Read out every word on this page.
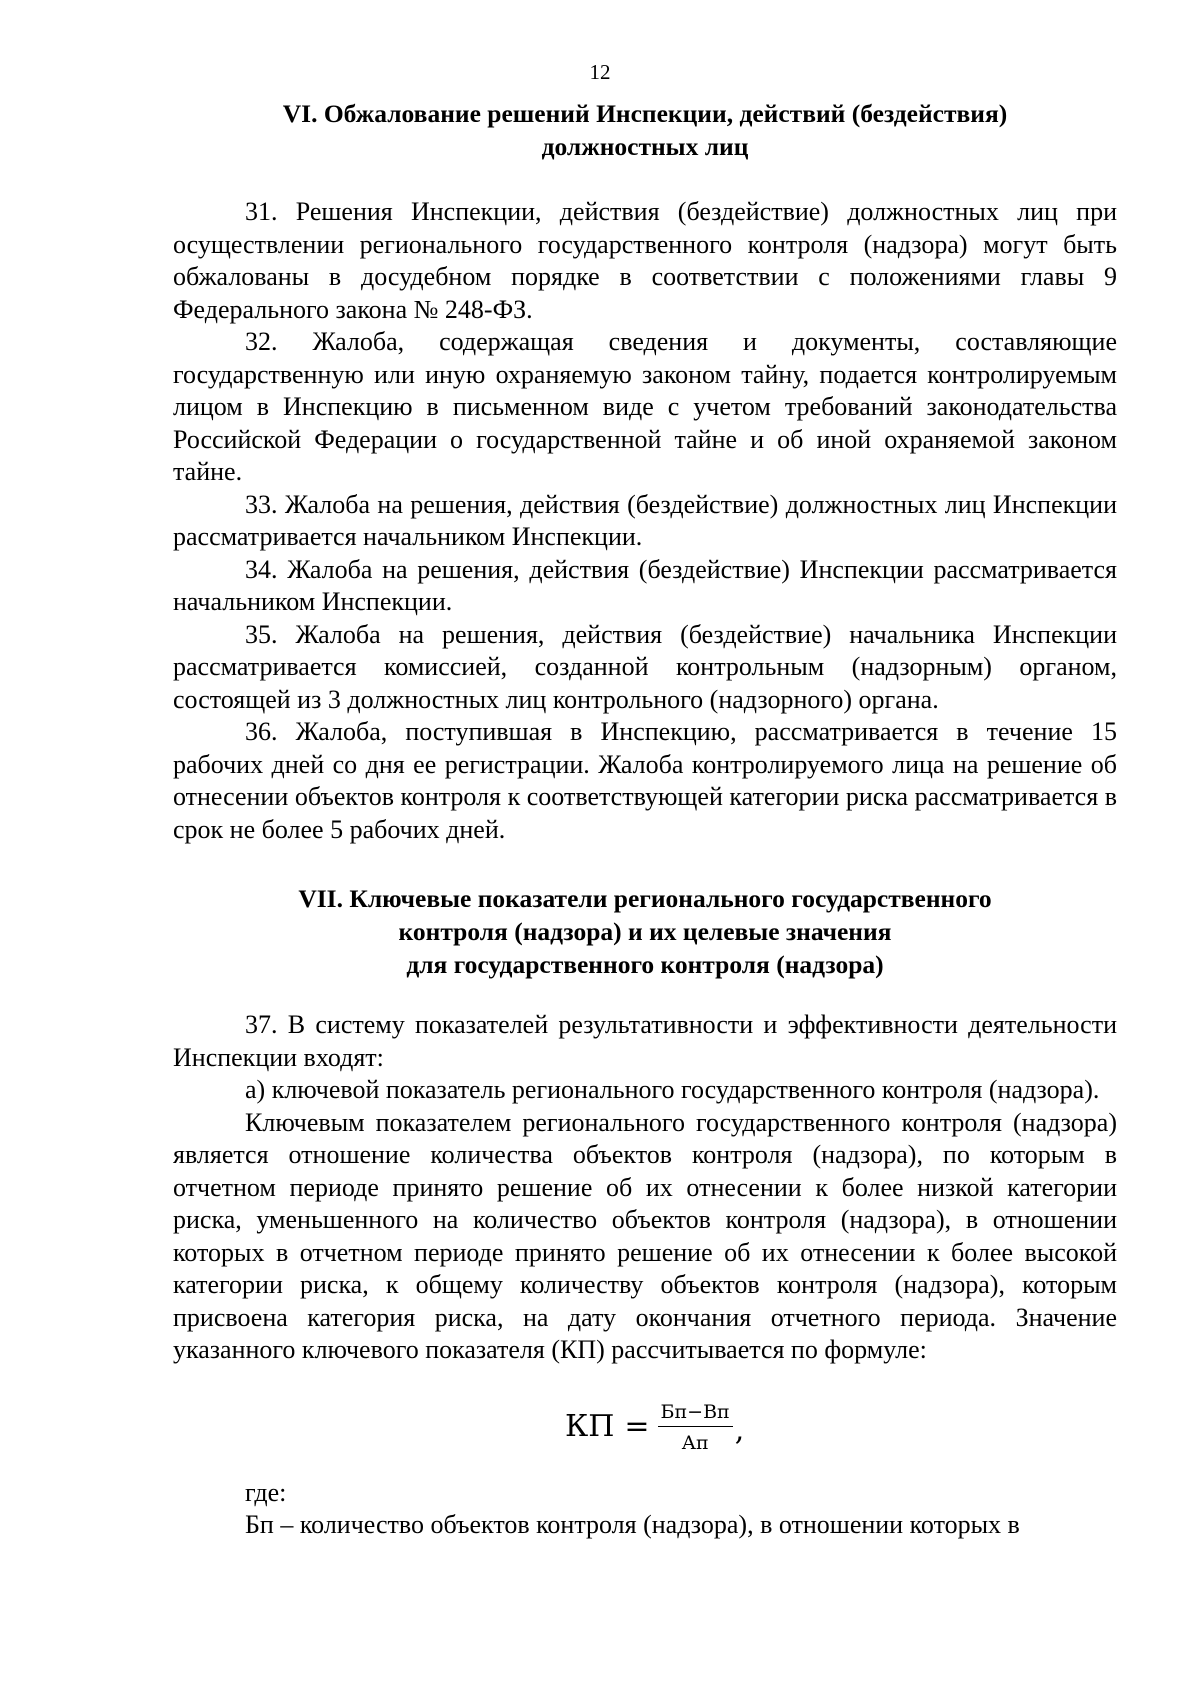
12
VI. Обжалование решений Инспекции, действий (бездействия)
должностных лиц

31. Решения Инспекции, действия (бездействие) должностных лиц при осуществлении регионального государственного контроля (надзора) могут быть обжалованы в досудебном порядке в соответствии с положениями главы 9 Федерального закона № 248-ФЗ.

32. Жалоба, содержащая сведения и документы, составляющие государственную или иную охраняемую законом тайну, подается контролируемым лицом в Инспекцию в письменном виде с учетом требований законодательства Российской Федерации о государственной тайне и об иной охраняемой законом тайне.

33. Жалоба на решения, действия (бездействие) должностных лиц Инспекции рассматривается начальником Инспекции.

34. Жалоба на решения, действия (бездействие) Инспекции рассматривается начальником Инспекции.

35. Жалоба на решения, действия (бездействие) начальника Инспекции рассматривается комиссией, созданной контрольным (надзорным) органом, состоящей из 3 должностных лиц контрольного (надзорного) органа.

36. Жалоба, поступившая в Инспекцию, рассматривается в течение 15 рабочих дней со дня ее регистрации. Жалоба контролируемого лица на решение об отнесении объектов контроля к соответствующей категории риска рассматривается в срок не более 5 рабочих дней.

VII. Ключевые показатели регионального государственного
контроля (надзора) и их целевые значения
для государственного контроля (надзора)

37. В систему показателей результативности и эффективности деятельности Инспекции входят:

а) ключевой показатель регионального государственного контроля (надзора).

Ключевым показателем регионального государственного контроля (надзора) является отношение количества объектов контроля (надзора), по которым в отчетном периоде принято решение об их отнесении к более низкой категории риска, уменьшенного на количество объектов контроля (надзора), в отношении которых в отчетном периоде принято решение об их отнесении к более высокой категории риска, к общему количеству объектов контроля (надзора), которым присвоена категория риска, на дату окончания отчетного периода. Значение указанного ключевого показателя (КП) рассчитывается по формуле:

КП = $\frac{Бп-Вп}{Ап}$ ,

где:

Бп – количество объектов контроля (надзора), в отношении которых в
